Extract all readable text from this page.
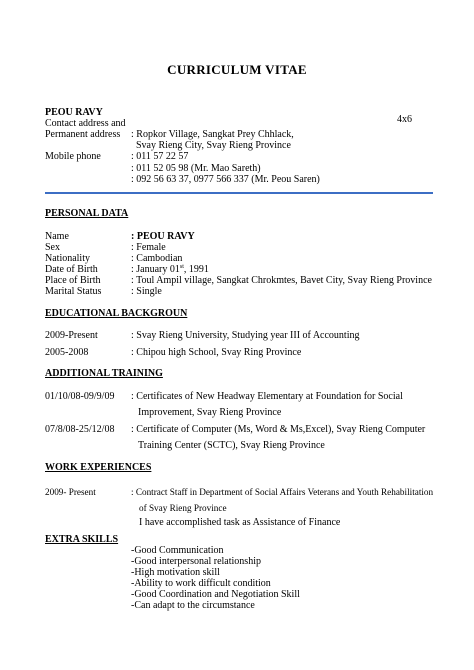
CURRICULUM VITAE
PEOU RAVY
4x6
Contact address and
Permanent address : Ropkor Village, Sangkat Prey Chhlack,
Svay Rieng City, Svay Rieng Province
Mobile phone	: 011 57 22 57
: 011 52 05 98 (Mr. Mao Sareth)
: 092 56 63 37, 0977 566 337 (Mr. Peou Saren)
PERSONAL DATA
Name	: PEOU RAVY
Sex	: Female
Nationality	: Cambodian
Date of Birth	: January 01st, 1991
Place of Birth	: Toul Ampil village, Sangkat Chrokmtes, Bavet City, Svay Rieng Province
Marital Status	: Single
EDUCATIONAL BACKGROUN
2009-Present	: Svay Rieng University, Studying year III of Accounting
2005-2008	: Chipou high School, Svay Ring Province
ADDITIONAL TRAINING
01/10/08-09/9/09 : Certificates of New Headway Elementary at Foundation for Social
Improvement, Svay Rieng Province
07/8/08-25/12/08 : Certificate of Computer (Ms, Word & Ms,Excel), Svay Rieng Computer
Training Center (SCTC), Svay Rieng Province
WORK EXPERIENCES
2009- Present	: Contract Staff in Department of Social Affairs Veterans and Youth Rehabilitation
of Svay Rieng Province
I have accomplished task as Assistance of Finance
EXTRA SKILLS
-Good Communication
-Good interpersonal relationship
-High motivation skill
-Ability to work difficult condition
-Good Coordination and Negotiation Skill
-Can adapt to the circumstance
